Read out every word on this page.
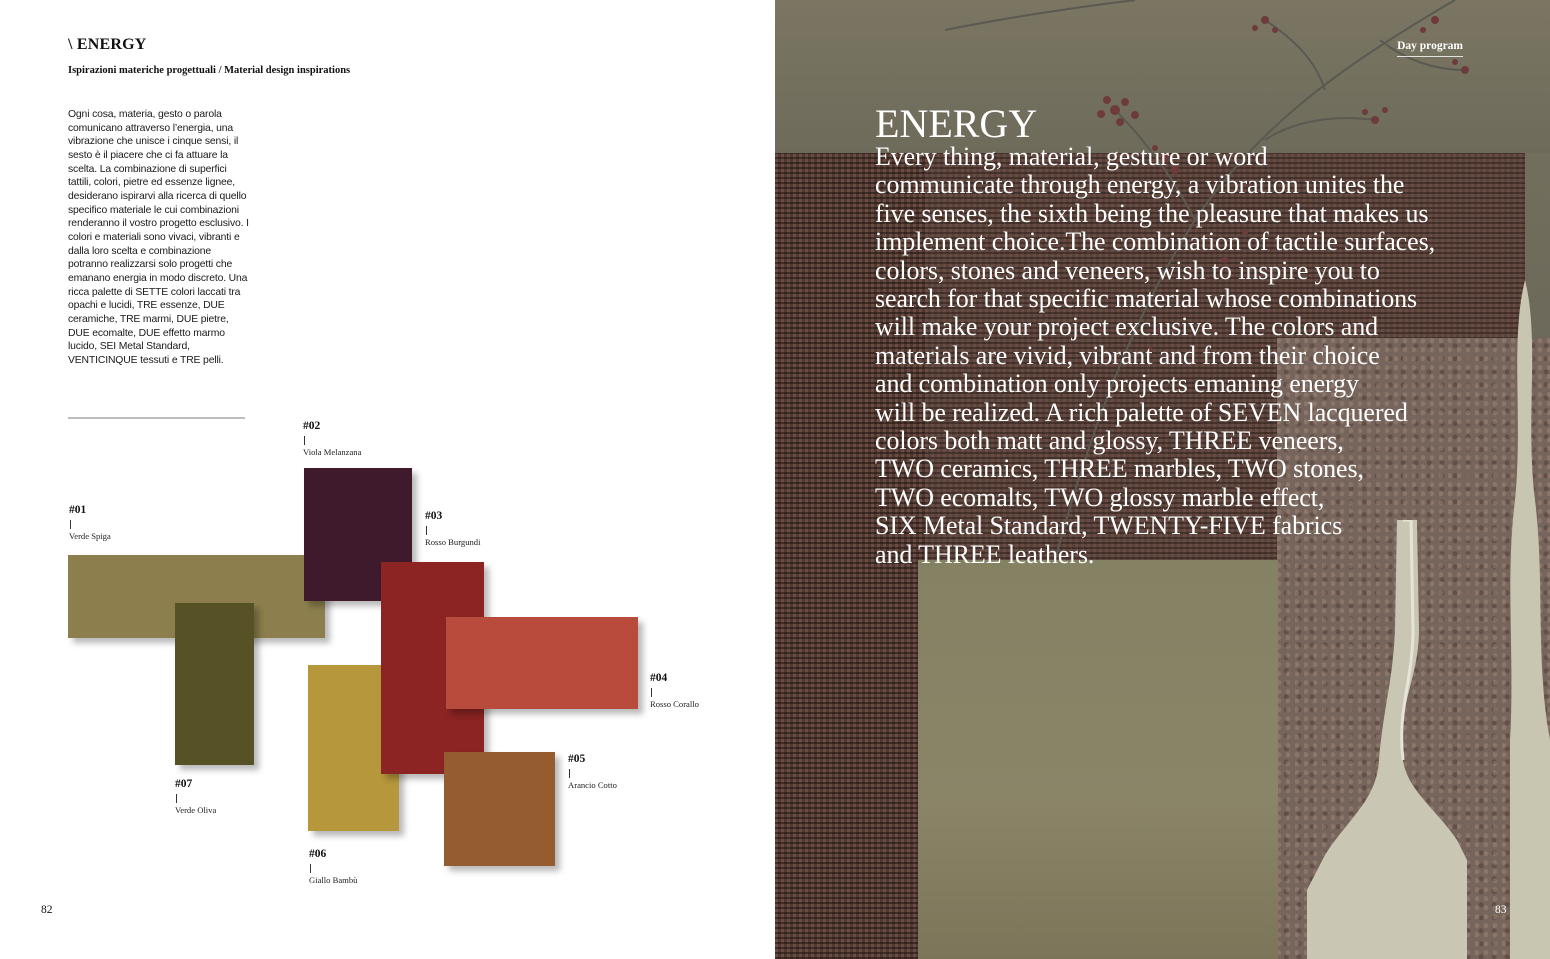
\ ENERGY
Ispirazioni materiche progettuali / Material design inspirations
Ogni cosa, materia, gesto o parola comunicano attraverso l’energia, una vibrazione che unisce i cinque sensi, il sesto è il piacere che ci fa attuare la scelta. La combinazione di superfici tattili, colori, pietre ed essenze lignee, desiderano ispirarvi alla ricerca di quello specifico materiale le cui combinazioni renderanno il vostro progetto esclusivo. I colori e materiali sono vivaci, vibranti e dalla loro scelta e combinazione potranno realizzarsi solo progetti che emanano energia in modo discreto. Una ricca palette di SETTE colori laccati tra opachi e lucidi, TRE essenze, DUE ceramiche, TRE marmi, DUE pietre, DUE ecomalte, DUE effetto marmo lucido, SEI Metal Standard, VENTICINQUE tessuti e TRE pelli.
#01
Verde Spiga
#02
Viola Melanzana
#03
Rosso Burgundi
#04
Rosso Corallo
#05
Arancio Cotto
#06
Giallo Bambù
#07
Verde Oliva
82
Day program
ENERGY
Every thing, material, gesture or word
communicate through energy, a vibration unites the
five senses, the sixth being the pleasure that makes us
implement choice.The combination of tactile surfaces,
colors, stones and veneers, wish to inspire you to
search for that specific material whose combinations
will make your project exclusive. The colors and
materials are vivid, vibrant and from their choice
and combination only projects emaning energy
will be realized. A rich palette of SEVEN lacquered
colors both matt and glossy, THREE veneers,
TWO ceramics, THREE marbles, TWO stones,
TWO ecomalts, TWO glossy marble effect,
SIX Metal Standard, TWENTY-FIVE fabrics
and THREE leathers.
83
